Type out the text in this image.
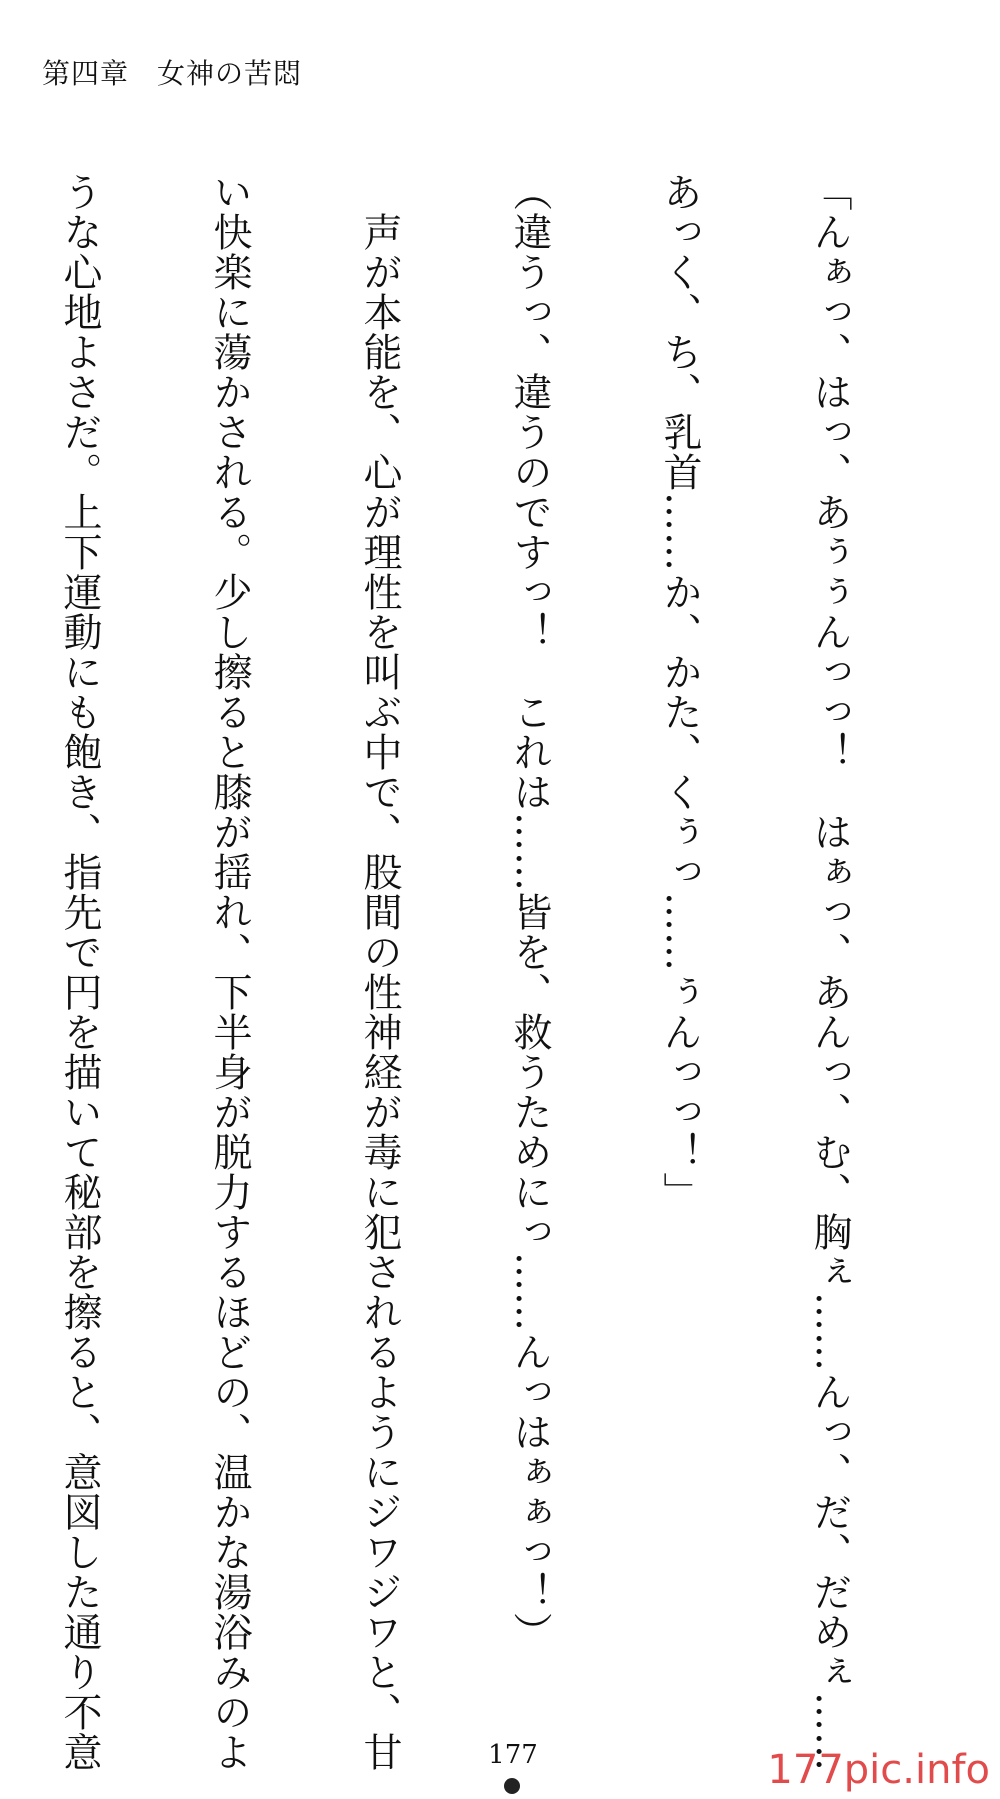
第四章 女神の苦悶

「んぁっ、はっ、あぅぅんっっ！　はぁっ、あんっ、む、胸ぇ……んっ、だ、だめぇ……

あっく、ち、乳首……か、かた、くぅっ……ぅんっっ！」

（違うっ、違うのですっ！　これは……皆を、救うためにっ……んっはぁぁっ！）

　声が本能を、心が理性を叫ぶ中で、股間の性神経が毒に犯されるようにジワジワと、甘

い快楽に蕩かされる。少し擦ると膝が揺れ、下半身が脱力するほどの、温かな湯浴みのよ

うな心地よさだ。上下運動にも飽き、指先で円を描いて秘部を擦ると、意図した通り不意

	177	177pic.info
